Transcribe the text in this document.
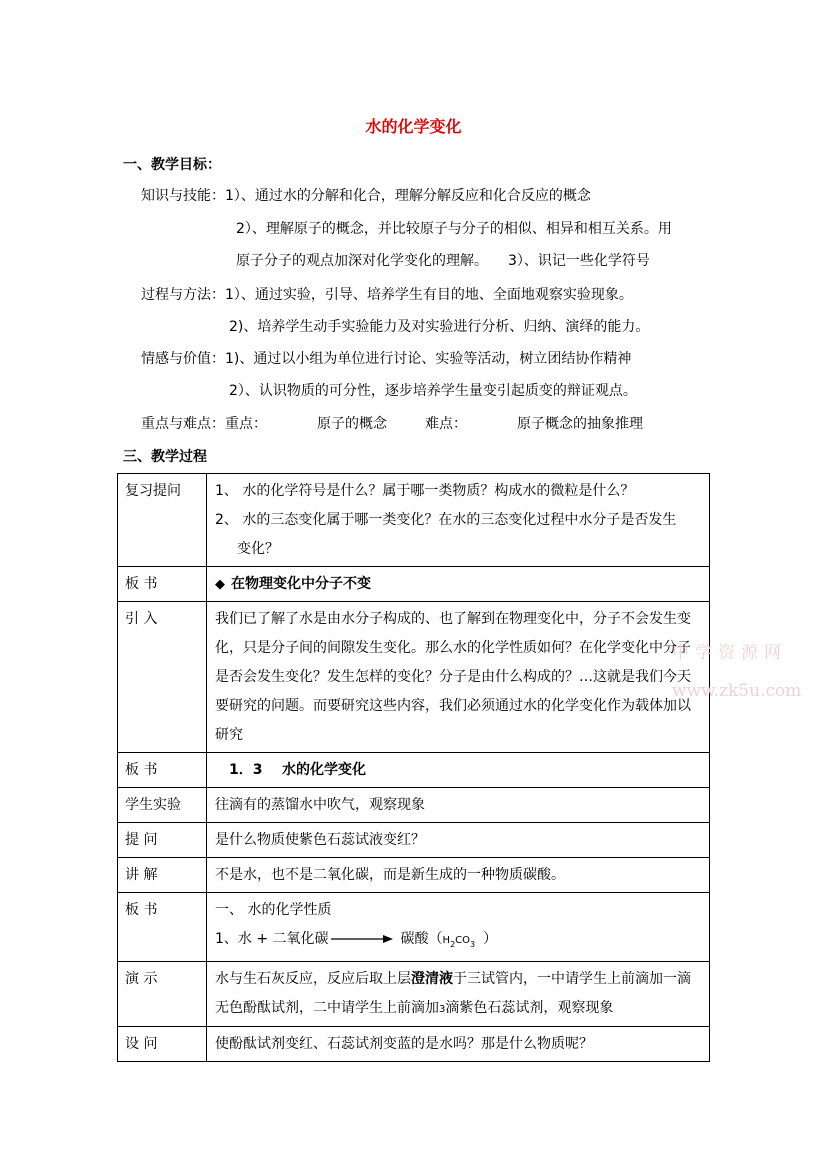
水的化学变化
一、教学目标：
知识与技能：1）、通过水的分解和化合，理解分解反应和化合反应的概念
2）、理解原子的概念，并比较原子与分子的相似、相异和相互关系。用
原子分子的观点加深对化学变化的理解。 3）、识记一些化学符号
过程与方法：1）、通过实验，引导、培养学生有目的地、全面地观察实验现象。
2)、培养学生动手实验能力及对实验进行分析、归纳、演绎的能力。
情感与价值：1)、通过以小组为单位进行讨论、实验等活动，树立团结协作精神
2）、认识物质的可分性，逐步培养学生量变引起质变的辩证观点。
重点与难点：重点：	原子的概念	难点：	原子概念的抽象推理
三、教学过程
复习提问	1、 水的化学符号是什么？属于哪一类物质？构成水的微粒是什么？
2、 水的三态变化属于哪一类变化？在水的三态变化过程中水分子是否发生
变化？

板 书	◆ 在物理变化中分子不变
引 入	我们已了解了水是由水分子构成的、也了解到在物理变化中，分子不会发生变化，只是分子间的间隙发生变化。那么水的化学性质如何？在化学变化中分子是否会发生变化？发生怎样的变化？分子是由什么构成的？…这就是我们今天要研究的问题。而要研究这些内容，我们必须通过水的化学变化作为载体加以研究
板 书	1．3    水的化学变化
学生实验	往滴有的蒸馏水中吹气，观察现象
提 问	是什么物质使紫色石蕊试液变红？
讲 解	不是水，也不是二氧化碳，而是新生成的一种物质碳酸。
板 书	一、 水的化学性质
1、水 + 二氧化碳 碳酸（$H_2CO_3$ ）

演 示	水与生石灰反应，反应后取上层澄清液于三试管内，一中请学生上前滴加一滴无色酚酞试剂，二中请学生上前滴加3滴紫色石蕊试剂，观察现象
设 问	使酚酞试剂变红、石蕊试剂变蓝的是水吗？那是什么物质呢？
中学资源网
www.zk5u.com
